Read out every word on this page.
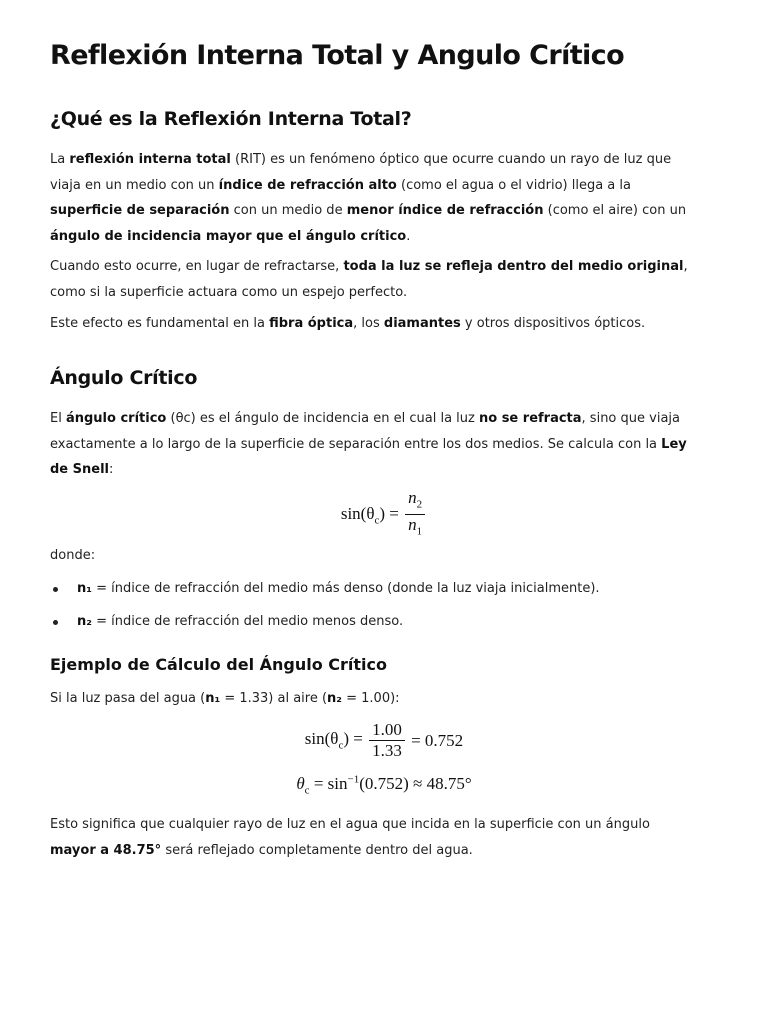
Reflexión Interna Total y Angulo Crítico
¿Qué es la Reflexión Interna Total?

La reflexión interna total (RIT) es un fenómeno óptico que ocurre cuando un rayo de luz que viaja en un medio con un índice de refracción alto (como el agua o el vidrio) llega a la superficie de separación con un medio de menor índice de refracción (como el aire) con un ángulo de incidencia mayor que el ángulo crítico.

Cuando esto ocurre, en lugar de refractarse, toda la luz se refleja dentro del medio original, como si la superficie actuara como un espejo perfecto.

Este efecto es fundamental en la fibra óptica, los diamantes y otros dispositivos ópticos.

Ángulo Crítico

El ángulo crítico (θc) es el ángulo de incidencia en el cual la luz no se refracta, sino que viaja exactamente a lo largo de la superficie de separación entre los dos medios. Se calcula con la Ley de Snell:

$\sin(\theta_c) = \frac{n_2}{n_1}$

donde:

n₁ = índice de refracción del medio más denso (donde la luz viaja inicialmente).
n₂ = índice de refracción del medio menos denso.
Ejemplo de Cálculo del Ángulo Crítico

Si la luz pasa del agua (n₁ = 1.33) al aire (n₂ = 1.00):

$\sin(\theta_c) = \frac{1.00}{1.33} = 0.752$
$\theta_c = \sin^{-1}(0.752) \approx 48.75^\circ$

Esto significa que cualquier rayo de luz en el agua que incida en la superficie con un ángulo mayor a 48.75° será reflejado completamente dentro del agua.
